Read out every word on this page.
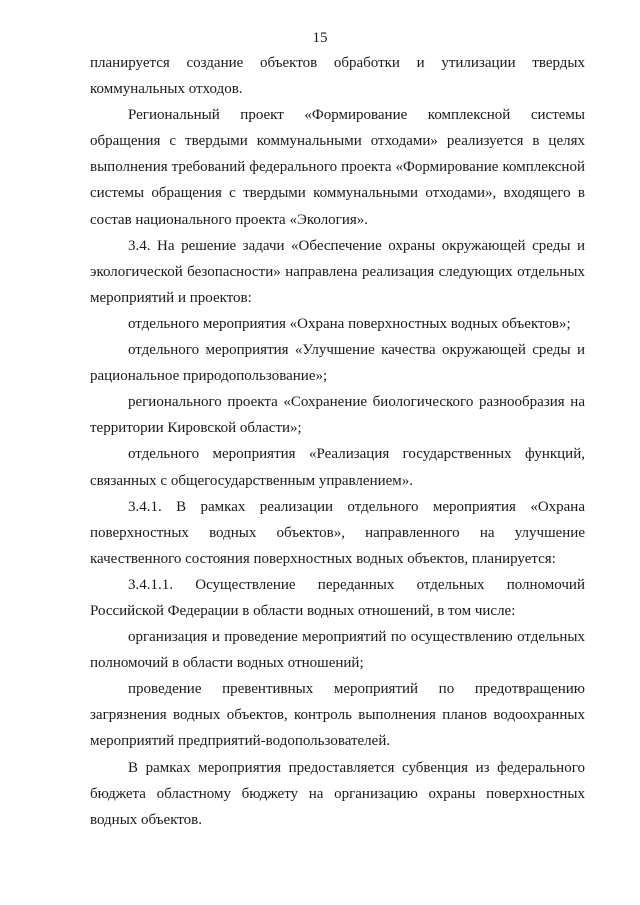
15

планируется создание объектов обработки и утилизации твердых коммунальных отходов.

Региональный проект «Формирование комплексной системы обращения с твердыми коммунальными отходами» реализуется в целях выполнения требований федерального проекта «Формирование комплексной системы обращения с твердыми коммунальными отходами», входящего в состав национального проекта «Экология».

3.4. На решение задачи «Обеспечение охраны окружающей среды и экологической безопасности» направлена реализация следующих отдельных мероприятий и проектов:

отдельного мероприятия «Охрана поверхностных водных объектов»;

отдельного мероприятия «Улучшение качества окружающей среды и рациональное природопользование»;

регионального проекта «Сохранение биологического разнообразия на территории Кировской области»;

отдельного мероприятия «Реализация государственных функций, связанных с общегосударственным управлением».

3.4.1. В рамках реализации отдельного мероприятия «Охрана поверхностных водных объектов», направленного на улучшение качественного состояния поверхностных водных объектов, планируется:

3.4.1.1. Осуществление переданных отдельных полномочий Российской Федерации в области водных отношений, в том числе:

организация и проведение мероприятий по осуществлению отдельных полномочий в области водных отношений;

проведение превентивных мероприятий по предотвращению загрязнения водных объектов, контроль выполнения планов водоохранных мероприятий предприятий-водопользователей.

В рамках мероприятия предоставляется субвенция из федерального бюджета областному бюджету на организацию охраны поверхностных водных объектов.
